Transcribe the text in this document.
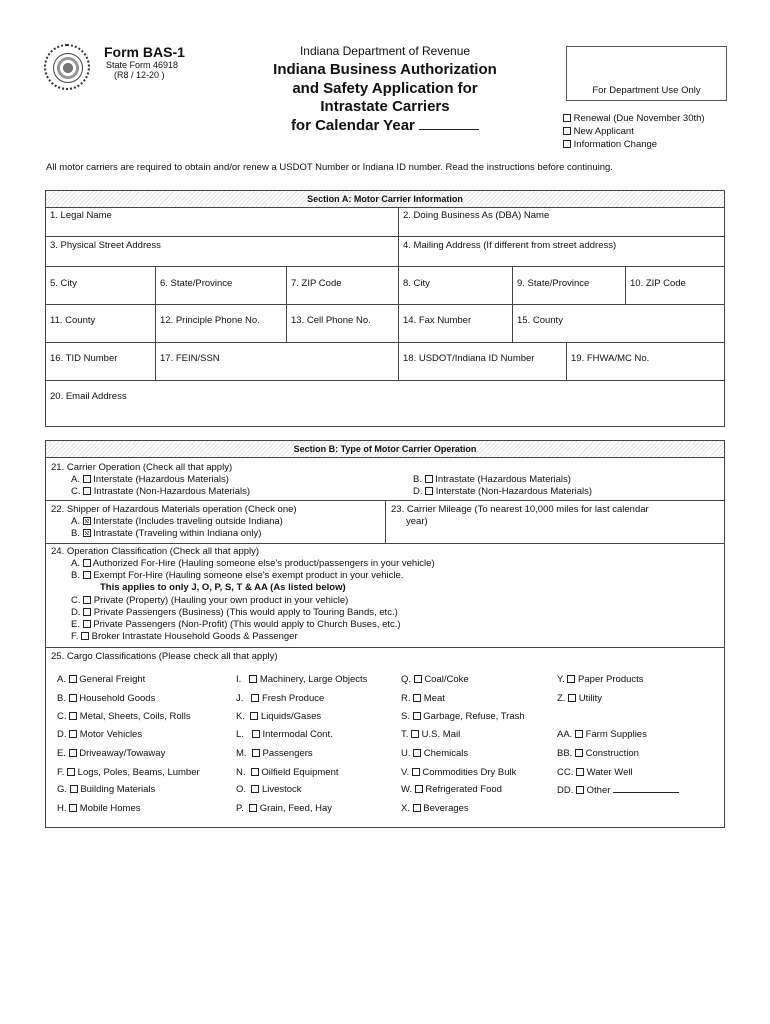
Form BAS-1
State Form 46918
(R8 / 12-20 )
Indiana Department of Revenue
Indiana Business Authorization
and Safety Application for
Intrastate Carriers
for Calendar Year
For Department Use Only
Renewal (Due November 30th)
New Applicant
Information Change
All motor carriers are required to obtain and/or renew a USDOT Number or Indiana ID number. Read the instructions before continuing.
Section A: Motor Carrier Information
1. Legal Name	2. Doing Business As (DBA) Name
3. Physical Street Address	4. Mailing Address (If different from street address)
5. City	6. State/Province	7. ZIP Code	8. City	9. State/Province	10. ZIP Code
11. County	12. Principle Phone No.	13. Cell Phone No.	14. Fax Number	15. County
16. TID Number	17. FEIN/SSN	18. USDOT/Indiana ID Number	19. FHWA/MC No.
20. Email Address
Section B: Type of Motor Carrier Operation
21. Carrier Operation (Check all that apply)
A. Interstate (Hazardous Materials)	B. Intrastate (Hazardous Materials)
C. Intrastate (Non-Hazardous Materials)	D. Interstate (Non-Hazardous Materials)
22. Shipper of Hazardous Materials operation (Check one)
A. Interstate (Includes traveling outside Indiana)
B. Intrastate (Traveling within Indiana only)
23. Carrier Mileage (To nearest 10,000 miles for last calendar
year)
24. Operation Classification (Check all that apply)
A. Authorized For-Hire (Hauling someone else's product/passengers in your vehicle)
B. Exempt For-Hire (Hauling someone else's exempt product in your vehicle.
This applies to only J, O, P, S, T & AA (As listed below)
C. Private (Property) (Hauling your own product in your vehicle)
D. Private Passengers (Business) (This would apply to Touring Bands, etc.)
E. Private Passengers (Non-Profit) (This would apply to Church Buses, etc.)
F. Broker Intrastate Household Goods & Passenger
25. Cargo Classifications (Please check all that apply)
A. General Freight
B. Household Goods
C. Metal, Sheets, Coils, Rolls
D. Motor Vehicles
E. Driveaway/Towaway
F. Logs, Poles, Beams, Lumber
G. Building Materials
H. Mobile Homes
I. Machinery, Large Objects
J. Fresh Produce
K. Liquids/Gases
L. Intermodal Cont.
M. Passengers
N. Oilfield Equipment
O. Livestock
P. Grain, Feed, Hay
Q. Coal/Coke
R. Meat
S. Garbage, Refuse, Trash
T. U.S. Mail
U. Chemicals
V. Commodities Dry Bulk
W. Refrigerated Food
X. Beverages
Y. Paper Products
Z. Utility
AA. Farm Supplies
BB. Construction
CC. Water Well
DD. Other
